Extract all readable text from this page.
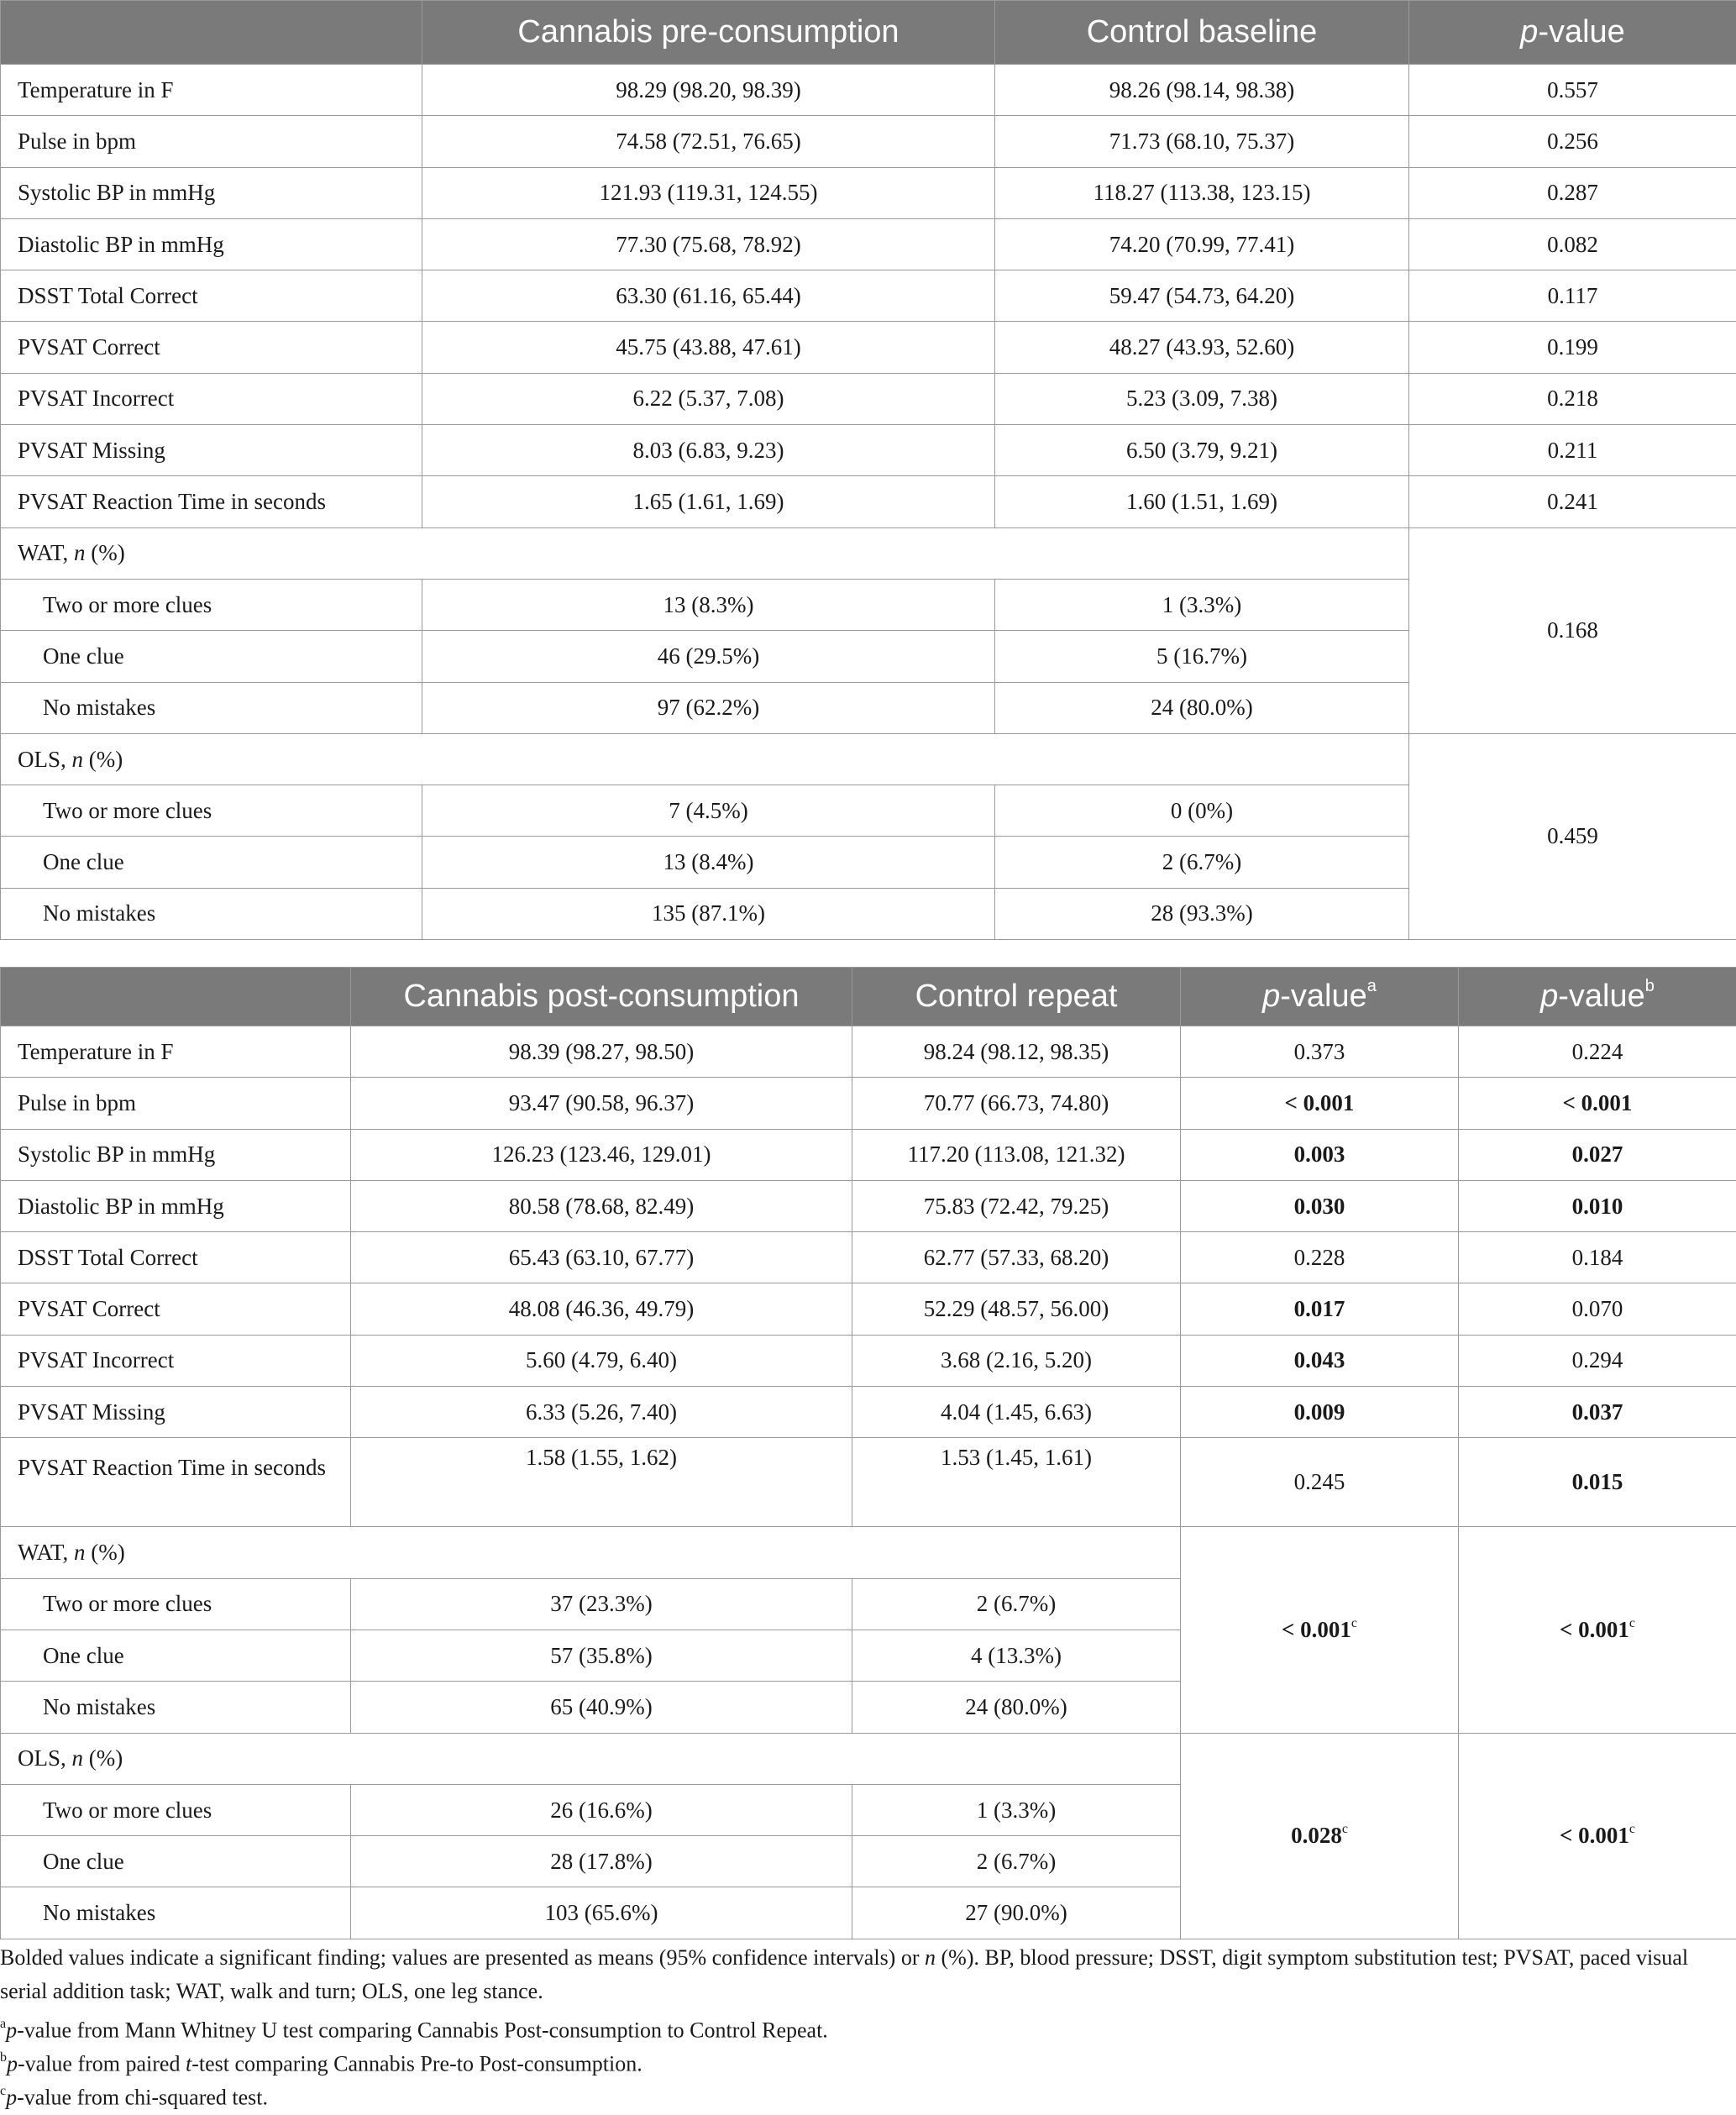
	Cannabis pre-consumption	Control baseline	p-value
Temperature in F	98.29 (98.20, 98.39)	98.26 (98.14, 98.38)	0.557
Pulse in bpm	74.58 (72.51, 76.65)	71.73 (68.10, 75.37)	0.256
Systolic BP in mmHg	121.93 (119.31, 124.55)	118.27 (113.38, 123.15)	0.287
Diastolic BP in mmHg	77.30 (75.68, 78.92)	74.20 (70.99, 77.41)	0.082
DSST Total Correct	63.30 (61.16, 65.44)	59.47 (54.73, 64.20)	0.117
PVSAT Correct	45.75 (43.88, 47.61)	48.27 (43.93, 52.60)	0.199
PVSAT Incorrect	6.22 (5.37, 7.08)	5.23 (3.09, 7.38)	0.218
PVSAT Missing	8.03 (6.83, 9.23)	6.50 (3.79, 9.21)	0.211
PVSAT Reaction Time in seconds	1.65 (1.61, 1.69)	1.60 (1.51, 1.69)	0.241
WAT, n (%)			0.168
Two or more clues	13 (8.3%)	1 (3.3%)	
One clue	46 (29.5%)	5 (16.7%)	
No mistakes	97 (62.2%)	24 (80.0%)	
OLS, n (%)			0.459
Two or more clues	7 (4.5%)	0 (0%)	
One clue	13 (8.4%)	2 (6.7%)	
No mistakes	135 (87.1%)	28 (93.3%)	
	Cannabis post-consumption	Control repeat	p-value$^a$	p-value$^b$
Temperature in F	98.39 (98.27, 98.50)	98.24 (98.12, 98.35)	0.373	0.224
Pulse in bpm	93.47 (90.58, 96.37)	70.77 (66.73, 74.80)	< 0.001	< 0.001
Systolic BP in mmHg	126.23 (123.46, 129.01)	117.20 (113.08, 121.32)	0.003	0.027
Diastolic BP in mmHg	80.58 (78.68, 82.49)	75.83 (72.42, 79.25)	0.030	0.010
DSST Total Correct	65.43 (63.10, 67.77)	62.77 (57.33, 68.20)	0.228	0.184
PVSAT Correct	48.08 (46.36, 49.79)	52.29 (48.57, 56.00)	0.017	0.070
PVSAT Incorrect	5.60 (4.79, 6.40)	3.68 (2.16, 5.20)	0.043	0.294
PVSAT Missing	6.33 (5.26, 7.40)	4.04 (1.45, 6.63)	0.009	0.037
PVSAT Reaction Time in seconds	1.58 (1.55, 1.62)	1.53 (1.45, 1.61)	0.245	0.015
WAT, n (%)			< 0.001$^c$	< 0.001$^c$
Two or more clues	37 (23.3%)	2 (6.7%)		
One clue	57 (35.8%)	4 (13.3%)		
No mistakes	65 (40.9%)	24 (80.0%)		
OLS, n (%)			0.028$^c$	< 0.001$^c$
Two or more clues	26 (16.6%)	1 (3.3%)		
One clue	28 (17.8%)	2 (6.7%)		
No mistakes	103 (65.6%)	27 (90.0%)		
Bolded values indicate a significant finding; values are presented as means (95% confidence intervals) or n (%). BP, blood pressure; DSST, digit symptom substitution test; PVSAT, paced visual serial addition task; WAT, walk and turn; OLS, one leg stance.
$^a$p-value from Mann Whitney U test comparing Cannabis Post-consumption to Control Repeat.
$^b$p-value from paired t-test comparing Cannabis Pre-to Post-consumption.
$^c$p-value from chi-squared test.
